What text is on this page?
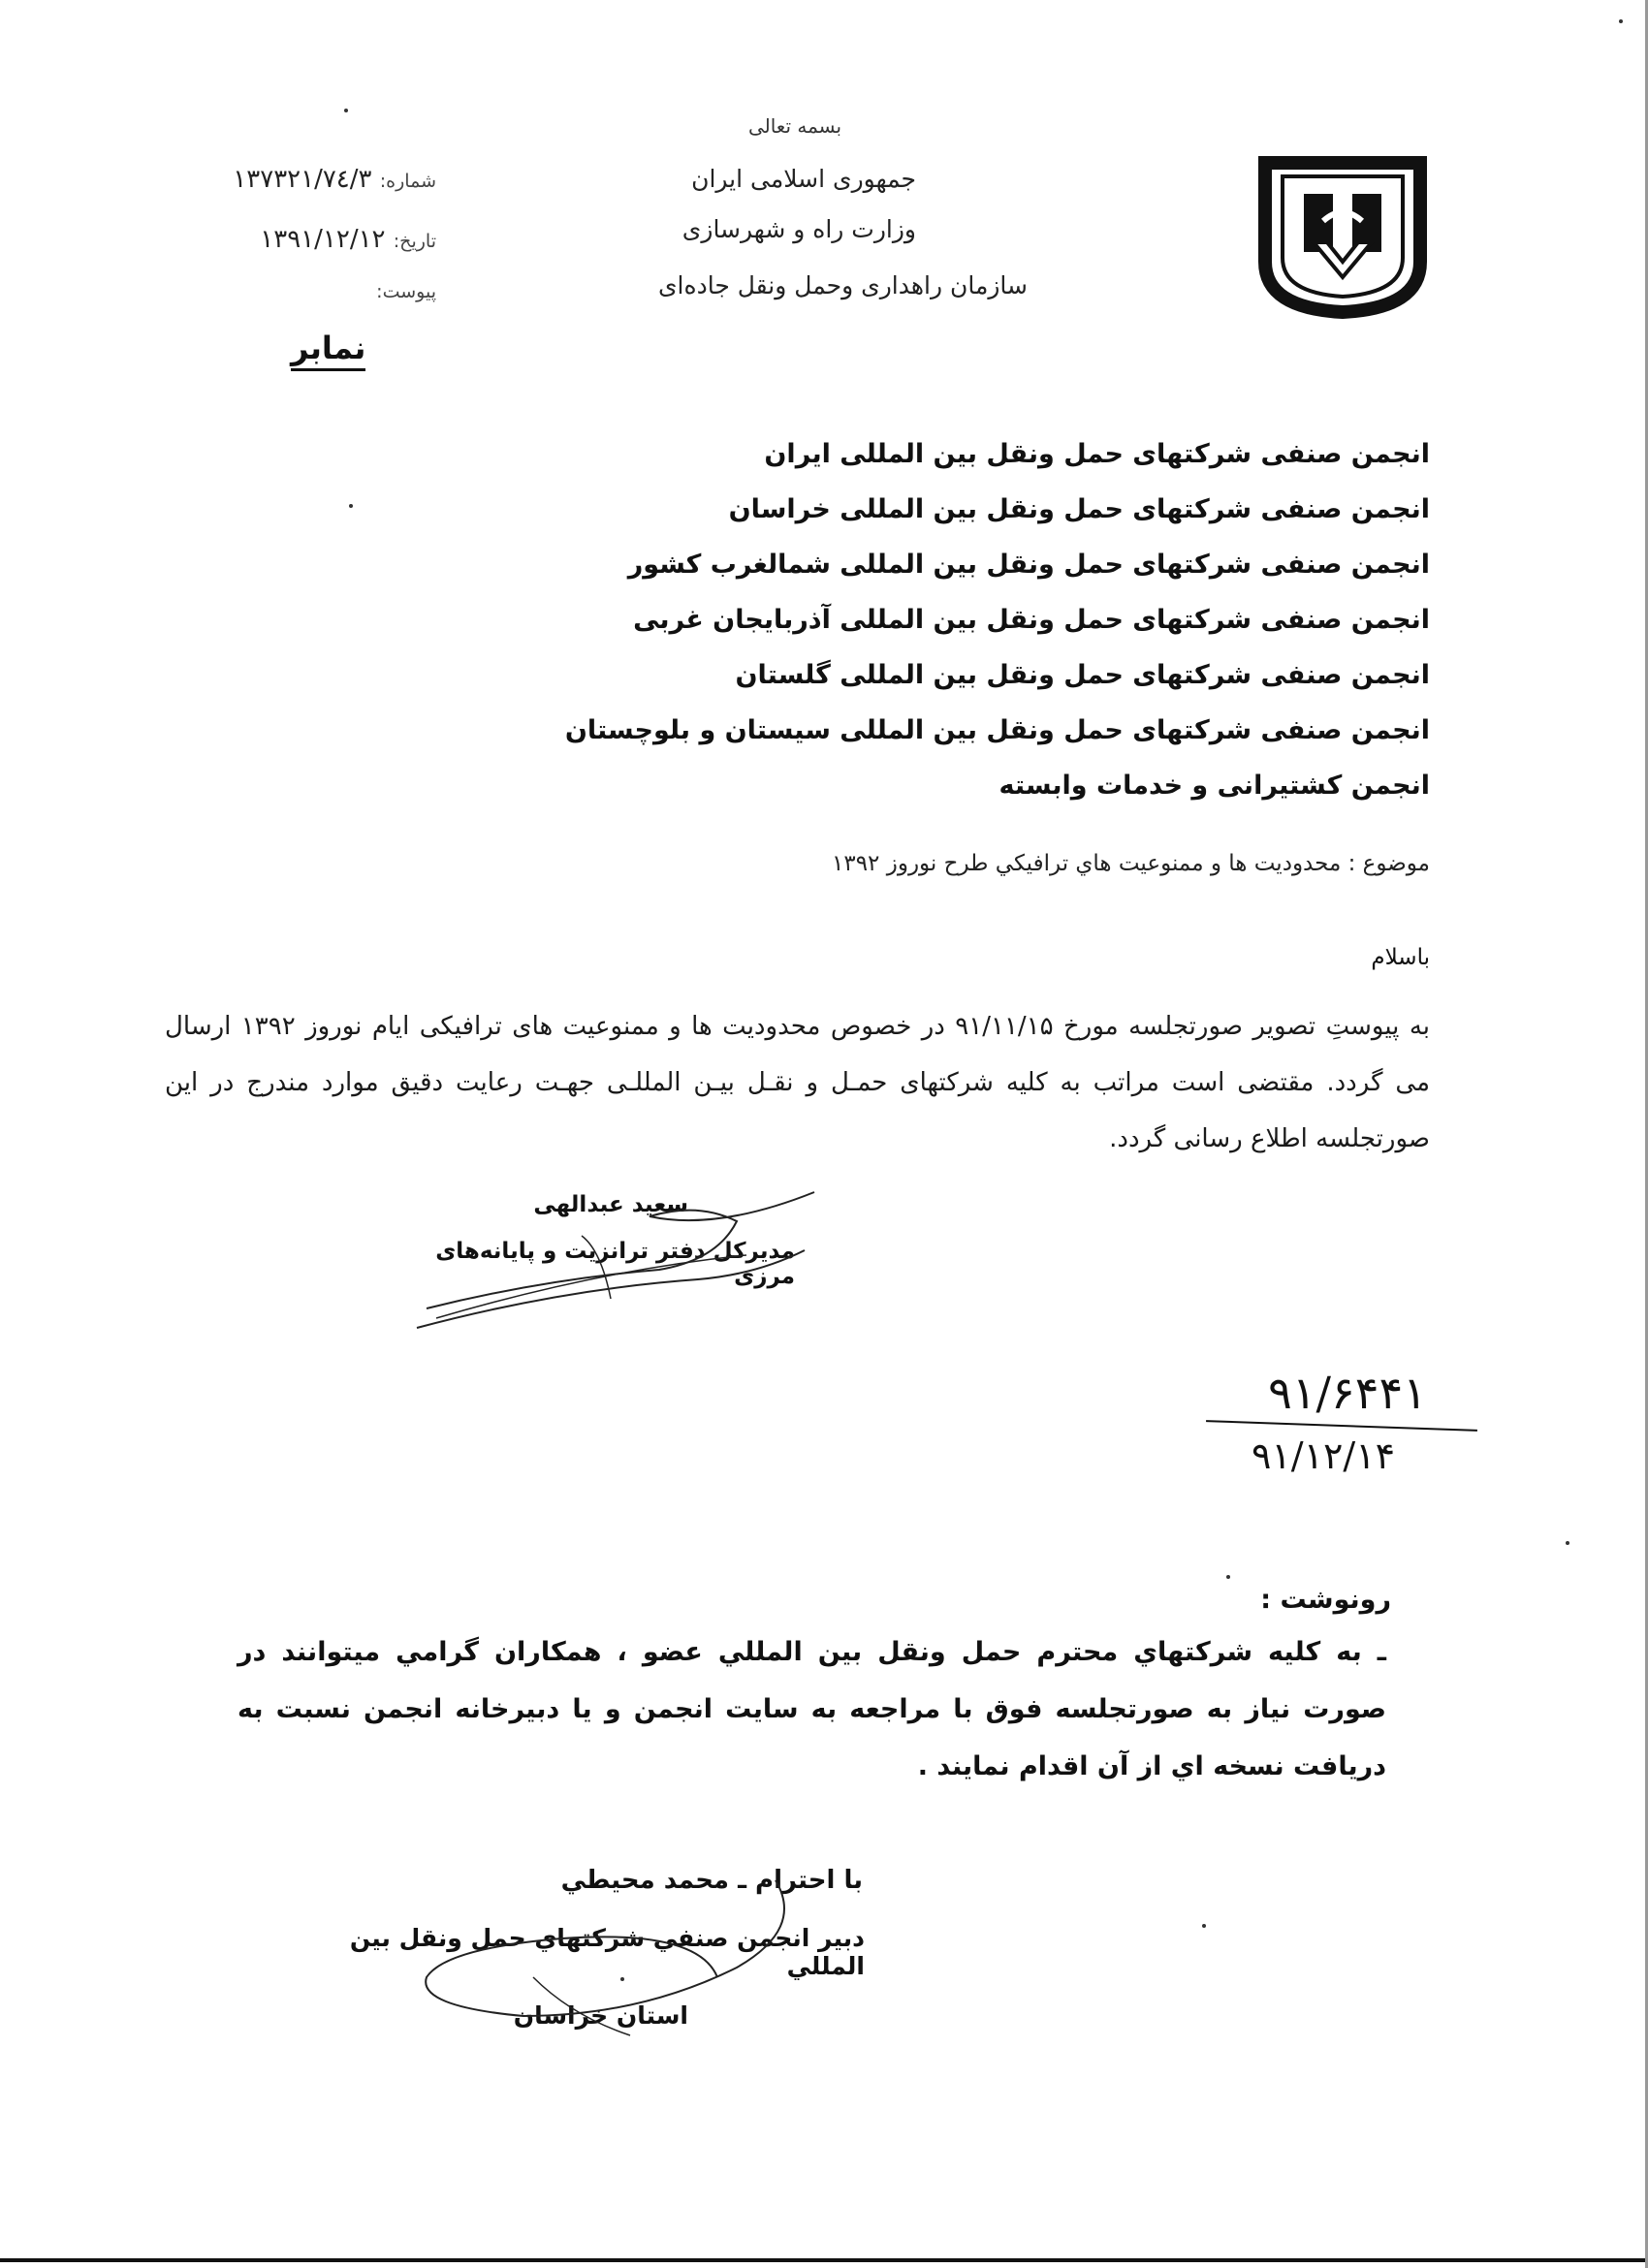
بسمه تعالی
جمهوری اسلامی ایران
وزارت راه و شهرسازی
سازمان راهداری وحمل ونقل جاده‌ای
شماره: ۱۳۷۳۲۱/۷٤/۳
تاریخ: ۱۳۹۱/۱۲/۱۲
پیوست:
نمابر
انجمن صنفی شرکتهای حمل ونقل بین المللی ایران
انجمن صنفی شرکتهای حمل ونقل بین المللی خراسان
انجمن صنفی شرکتهای حمل ونقل بین المللی شمالغرب کشور
انجمن صنفی شرکتهای حمل ونقل بین المللی آذربایجان غربی
انجمن صنفی شرکتهای حمل ونقل بین المللی گلستان
انجمن صنفی شرکتهای حمل ونقل بین المللی سیستان و بلوچستان
انجمن کشتیرانی و خدمات وابسته
موضوع : محدودیت ها و ممنوعیت هاي ترافیکي طرح نوروز ۱۳۹۲
باسلام
به پیوستِ تصویر صورتجلسه مورخ ۹۱/۱۱/۱۵ در خصوص محدودیت ها و ممنوعیت های ترافیکی ایام نوروز ۱۳۹۲ ارسال می گردد. مقتضی است مراتب به کلیه شرکتهای حمـل و نقـل بیـن المللـی جهـت رعایت دقیق موارد مندرج در این صورتجلسه اطلاع رسانی گردد.
سعید عبدالهی
مدیرکل دفتر ترانزیت و پایانه‌های مرزی
۹۱/۶۴۴۱
۹۱/۱۲/۱۴
رونوشت :
ـ به کلیه شرکتهاي محترم حمل ونقل بین المللي عضو ، همکاران گرامي میتوانند در صورت نیاز به صورتجلسه فوق با مراجعه به سایت انجمن و یا دبیرخانه انجمن نسبت به دریافت نسخه اي از آن اقدام نمایند .
با احترام ـ محمد محیطي
دبیر انجمن صنفي شرکتهاي حمل ونقل بین المللي
استان خراسان
